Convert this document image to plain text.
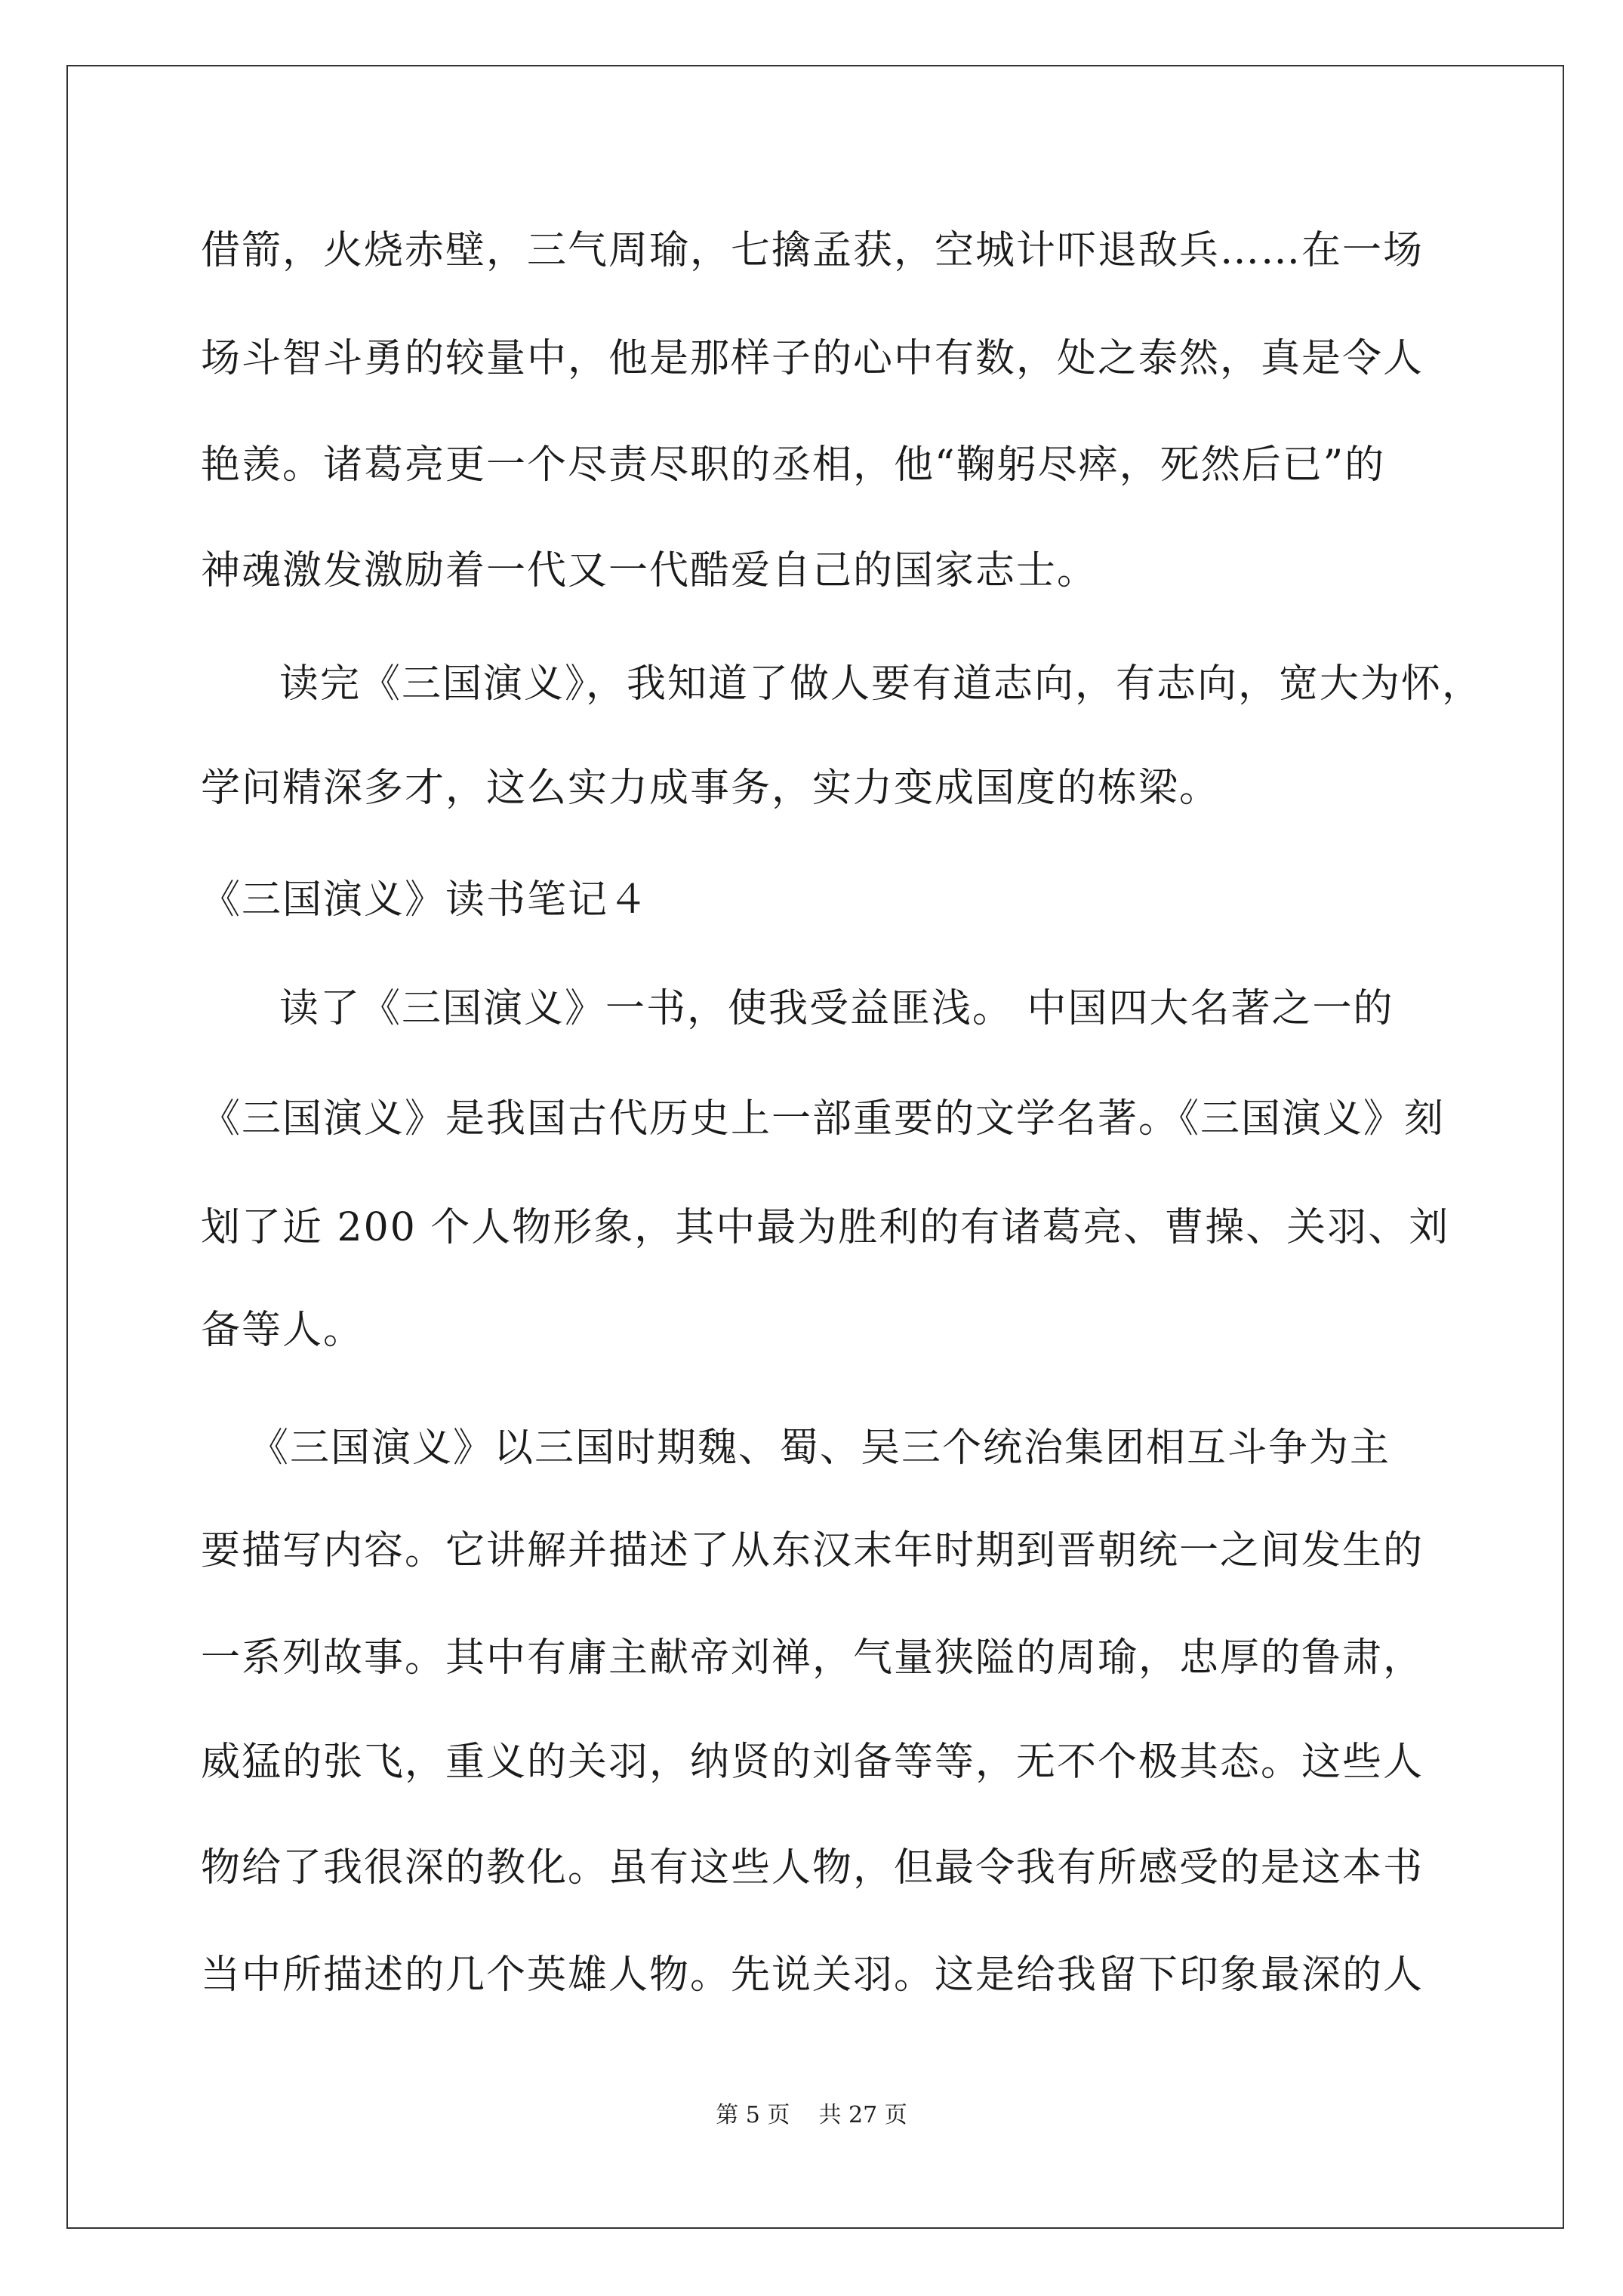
借箭，火烧赤壁，三气周瑜，七擒孟获，空城计吓退敌兵……在一场
场斗智斗勇的较量中，他是那样子的心中有数，处之泰然，真是令人
艳羡。诸葛亮更一个尽责尽职的丞相，他“鞠躬尽瘁，死然后已”的
神魂激发激励着一代又一代酷爱自己的国家志士。
读完《三国演义》，我知道了做人要有道志向，有志向，宽大为怀，
学问精深多才，这么实力成事务，实力变成国度的栋梁。
《三国演义》读书笔记４
读了《三国演义》一书，使我受益匪浅。 中国四大名著之一的
《三国演义》是我国古代历史上一部重要的文学名著。《三国演义》刻
划了近 200 个人物形象，其中最为胜利的有诸葛亮、曹操、关羽、刘
备等人。
《三国演义》以三国时期魏、蜀、吴三个统治集团相互斗争为主
要描写内容。它讲解并描述了从东汉末年时期到晋朝统一之间发生的
一系列故事。其中有庸主献帝刘禅，气量狭隘的周瑜，忠厚的鲁肃，
威猛的张飞，重义的关羽，纳贤的刘备等等，无不个极其态。这些人
物给了我很深的教化。虽有这些人物，但最令我有所感受的是这本书
当中所描述的几个英雄人物。先说关羽。这是给我留下印象最深的人
第 5 页    共 27 页
